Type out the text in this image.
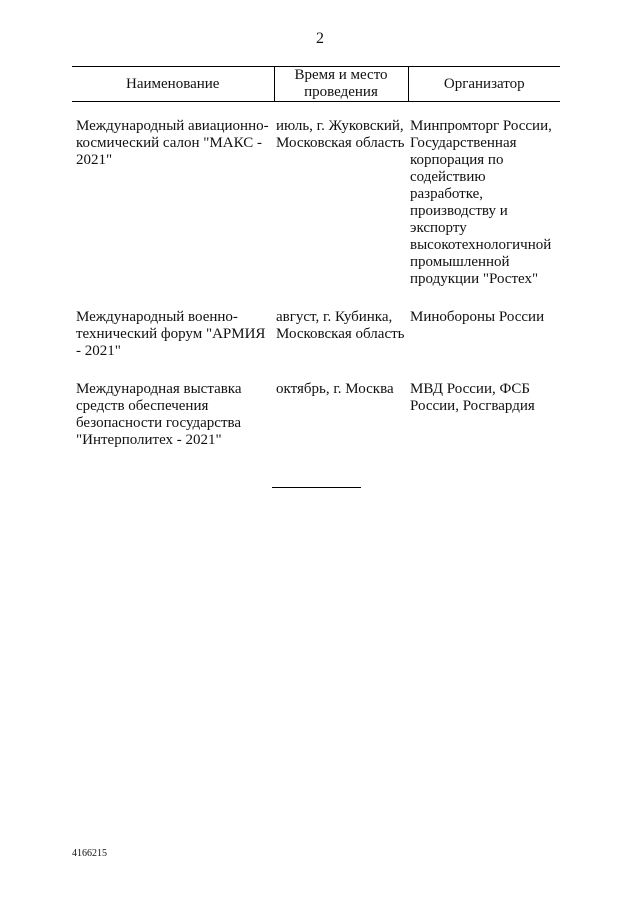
2
Наименование	Время и место проведения	Организатор

Международный авиационно-космический салон "МАКС - 2021"	июль, г. Жуковский, Московская область	Минпромторг России, Государственная корпорация по содействию разработке, производству и экспорту высокотехнологичной промышленной продукции "Ростех"
Международный военно-технический форум "АРМИЯ - 2021"	август, г. Кубинка, Московская область	Минобороны России
Международная выставка средств обеспечения безопасности государства "Интерполитех - 2021"	октябрь, г. Москва	МВД России, ФСБ России, Росгвардия
4166215
